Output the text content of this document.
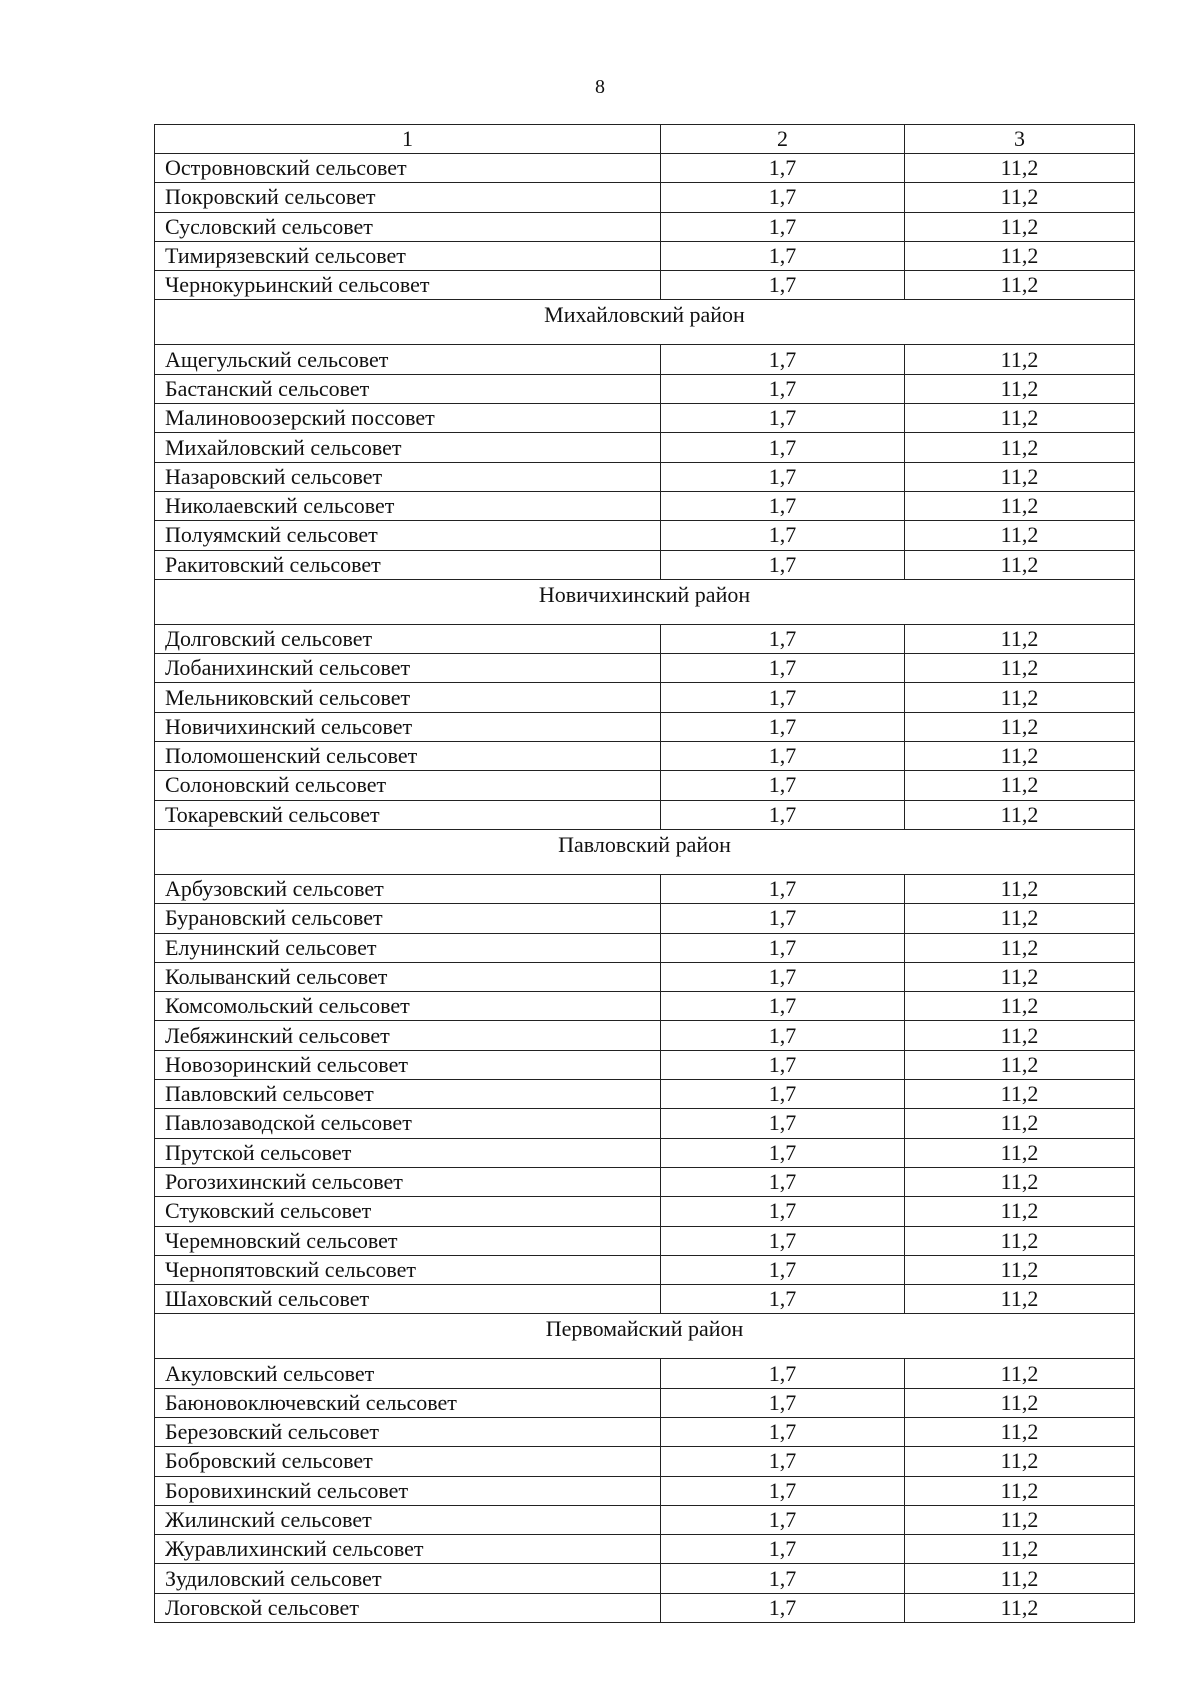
8
1	2	3
Островновский сельсовет	1,7	11,2
Покровский сельсовет	1,7	11,2
Сусловский сельсовет	1,7	11,2
Тимирязевский сельсовет	1,7	11,2
Чернокурьинский сельсовет	1,7	11,2
Михайловский район		
Ащегульский сельсовет	1,7	11,2
Бастанский сельсовет	1,7	11,2
Малиновоозерский поссовет	1,7	11,2
Михайловский сельсовет	1,7	11,2
Назаровский сельсовет	1,7	11,2
Николаевский сельсовет	1,7	11,2
Полуямский сельсовет	1,7	11,2
Ракитовский сельсовет	1,7	11,2
Новичихинский район		
Долговский сельсовет	1,7	11,2
Лобанихинский сельсовет	1,7	11,2
Мельниковский сельсовет	1,7	11,2
Новичихинский сельсовет	1,7	11,2
Поломошенский сельсовет	1,7	11,2
Солоновский сельсовет	1,7	11,2
Токаревский сельсовет	1,7	11,2
Павловский район		
Арбузовский сельсовет	1,7	11,2
Бурановский сельсовет	1,7	11,2
Елунинский сельсовет	1,7	11,2
Колыванский сельсовет	1,7	11,2
Комсомольский сельсовет	1,7	11,2
Лебяжинский сельсовет	1,7	11,2
Новозоринский сельсовет	1,7	11,2
Павловский сельсовет	1,7	11,2
Павлозаводской сельсовет	1,7	11,2
Прутской сельсовет	1,7	11,2
Рогозихинский сельсовет	1,7	11,2
Стуковский сельсовет	1,7	11,2
Черемновский сельсовет	1,7	11,2
Чернопятовский сельсовет	1,7	11,2
Шаховский сельсовет	1,7	11,2
Первомайский район		
Акуловский сельсовет	1,7	11,2
Баюновоключевский сельсовет	1,7	11,2
Березовский сельсовет	1,7	11,2
Бобровский сельсовет	1,7	11,2
Боровихинский сельсовет	1,7	11,2
Жилинский сельсовет	1,7	11,2
Журавлихинский сельсовет	1,7	11,2
Зудиловский сельсовет	1,7	11,2
Логовской сельсовет	1,7	11,2
